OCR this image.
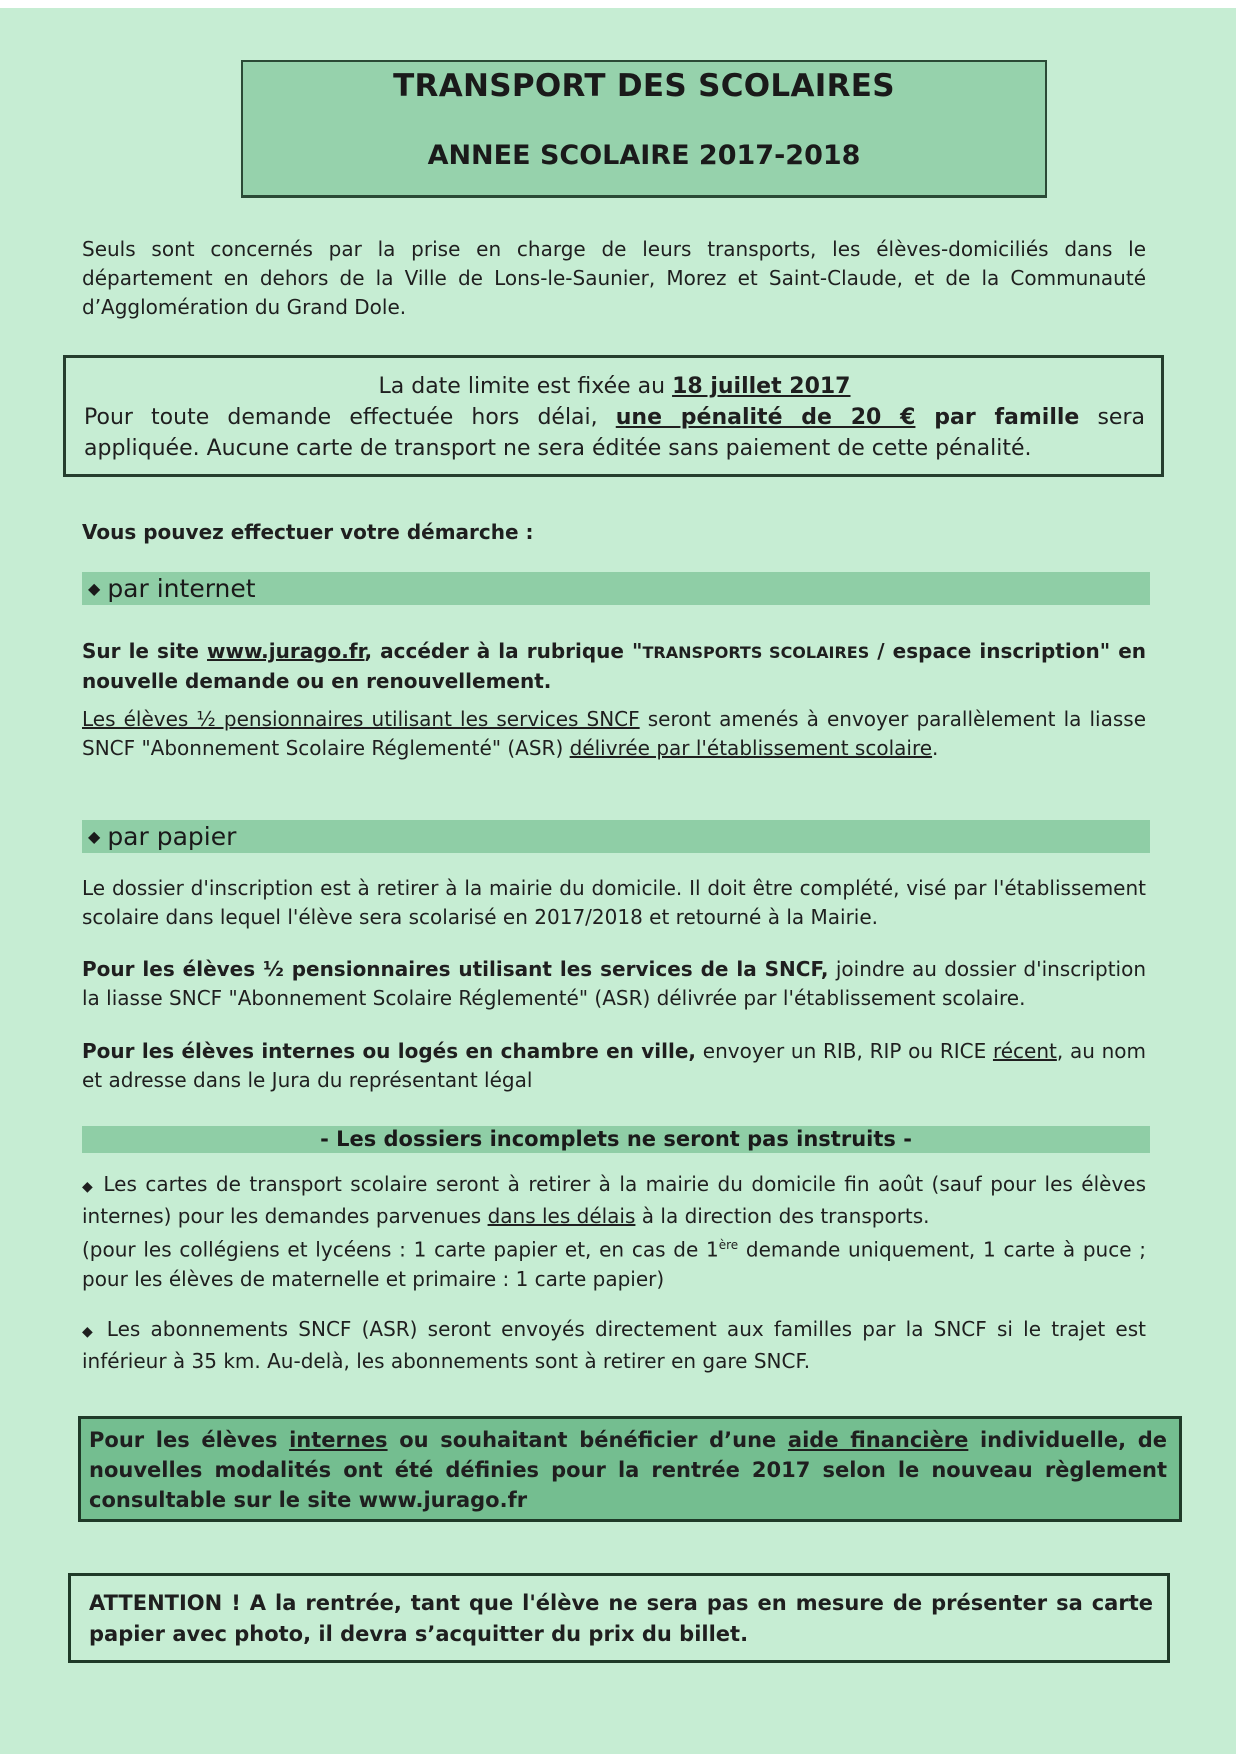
TRANSPORT DES SCOLAIRES
ANNEE SCOLAIRE 2017-2018
Seuls sont concernés par la prise en charge de leurs transports, les élèves-domiciliés dans le département en dehors de la Ville de Lons-le-Saunier, Morez et Saint-Claude, et de la Communauté d’Agglomération du Grand Dole.
La date limite est fixée au 18 juillet 2017
Pour toute demande effectuée hors délai, une pénalité de 20 € par famille sera
appliquée. Aucune carte de transport ne sera éditée sans paiement de cette pénalité.
Vous pouvez effectuer votre démarche :
◆ par internet
Sur le site www.jurago.fr, accéder à la rubrique "TRANSPORTS SCOLAIRES / espace inscription" en nouvelle demande ou en renouvellement.
Les élèves ½ pensionnaires utilisant les services SNCF seront amenés à envoyer parallèlement la liasse SNCF "Abonnement Scolaire Réglementé" (ASR) délivrée par l'établissement scolaire.
◆ par papier
Le dossier d'inscription est à retirer à la mairie du domicile. Il doit être complété, visé par l'établissement scolaire dans lequel l'élève sera scolarisé en 2017/2018 et retourné à la Mairie.
Pour les élèves ½ pensionnaires utilisant les services de la SNCF, joindre au dossier d'inscription la liasse SNCF "Abonnement Scolaire Réglementé" (ASR) délivrée par l'établissement scolaire.
Pour les élèves internes ou logés en chambre en ville, envoyer un RIB, RIP ou RICE récent, au nom et adresse dans le Jura du représentant légal
- Les dossiers incomplets ne seront pas instruits -
◆ Les cartes de transport scolaire seront à retirer à la mairie du domicile fin août (sauf pour les élèves internes) pour les demandes parvenues dans les délais à la direction des transports.
(pour les collégiens et lycéens : 1 carte papier et, en cas de 1ère demande uniquement, 1 carte à puce ; pour les élèves de maternelle et primaire : 1 carte papier)
◆ Les abonnements SNCF (ASR) seront envoyés directement aux familles par la SNCF si le trajet est inférieur à 35 km. Au-delà, les abonnements sont à retirer en gare SNCF.
Pour les élèves internes ou souhaitant bénéficier d’une aide financière individuelle, de nouvelles modalités ont été définies pour la rentrée 2017 selon le nouveau règlement consultable sur le site www.jurago.fr
ATTENTION ! A la rentrée, tant que l'élève ne sera pas en mesure de présenter sa carte papier avec photo, il devra s’acquitter du prix du billet.
